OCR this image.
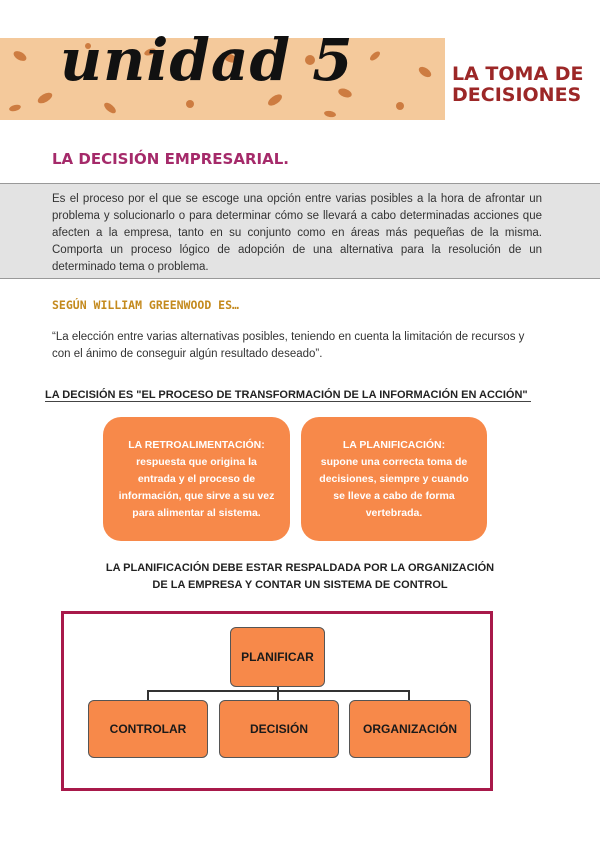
unidad 5	LA TOMA DE
DECISIONES
LA DECISIÓN EMPRESARIAL.
Es el proceso por el que se escoge una opción entre varias posibles a la hora de afrontar un problema y solucionarlo o para determinar cómo se llevará a cabo determinadas acciones que afecten a la empresa, tanto en su conjunto como en áreas más pequeñas de la misma. Comporta un proceso lógico de adopción de una alternativa para la resolución de un determinado tema o problema.
SEGÚN WILLIAM GREENWOOD ES…
“La elección entre varias alternativas posibles, teniendo en cuenta la limitación de recursos y con el ánimo de conseguir algún resultado deseado”.
LA DECISIÓN ES "EL PROCESO DE TRANSFORMACIÓN DE LA INFORMACIÓN EN ACCIÓN"
LA RETROALIMENTACIÓN:
respuesta que origina la entrada y el proceso de información, que sirve a su vez para alimentar al sistema.
LA PLANIFICACIÓN:
supone una correcta toma de decisiones, siempre y cuando se lleve a cabo de forma vertebrada.
LA PLANIFICACIÓN DEBE ESTAR RESPALDADA POR LA ORGANIZACIÓN
DE LA EMPRESA Y CONTAR UN SISTEMA DE CONTROL
PLANIFICAR
CONTROLAR	DECISIÓN	ORGANIZACIÓN
